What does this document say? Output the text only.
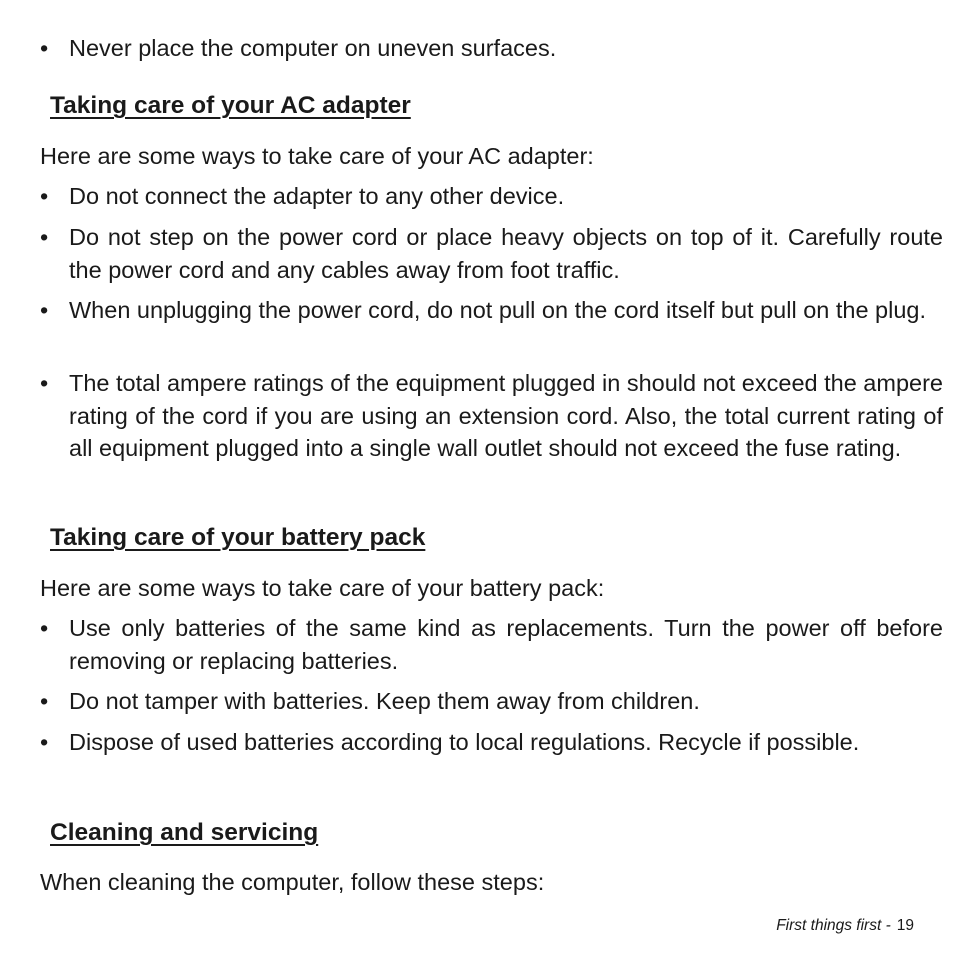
• Never place the computer on uneven surfaces.
Taking care of your AC adapter
Here are some ways to take care of your AC adapter:
• Do not connect the adapter to any other device.
• Do not step on the power cord or place heavy objects on top of it. Carefully route the power cord and any cables away from foot traffic.
• When unplugging the power cord, do not pull on the cord itself but pull on the plug.
• The total ampere ratings of the equipment plugged in should not exceed the ampere rating of the cord if you are using an extension cord. Also, the total current rating of all equipment plugged into a single wall outlet should not exceed the fuse rating.
Taking care of your battery pack
Here are some ways to take care of your battery pack:
• Use only batteries of the same kind as replacements. Turn the power off before removing or replacing batteries.
• Do not tamper with batteries. Keep them away from children.
• Dispose of used batteries according to local regulations. Recycle if possible.
Cleaning and servicing
When cleaning the computer, follow these steps:
First things first - 19
